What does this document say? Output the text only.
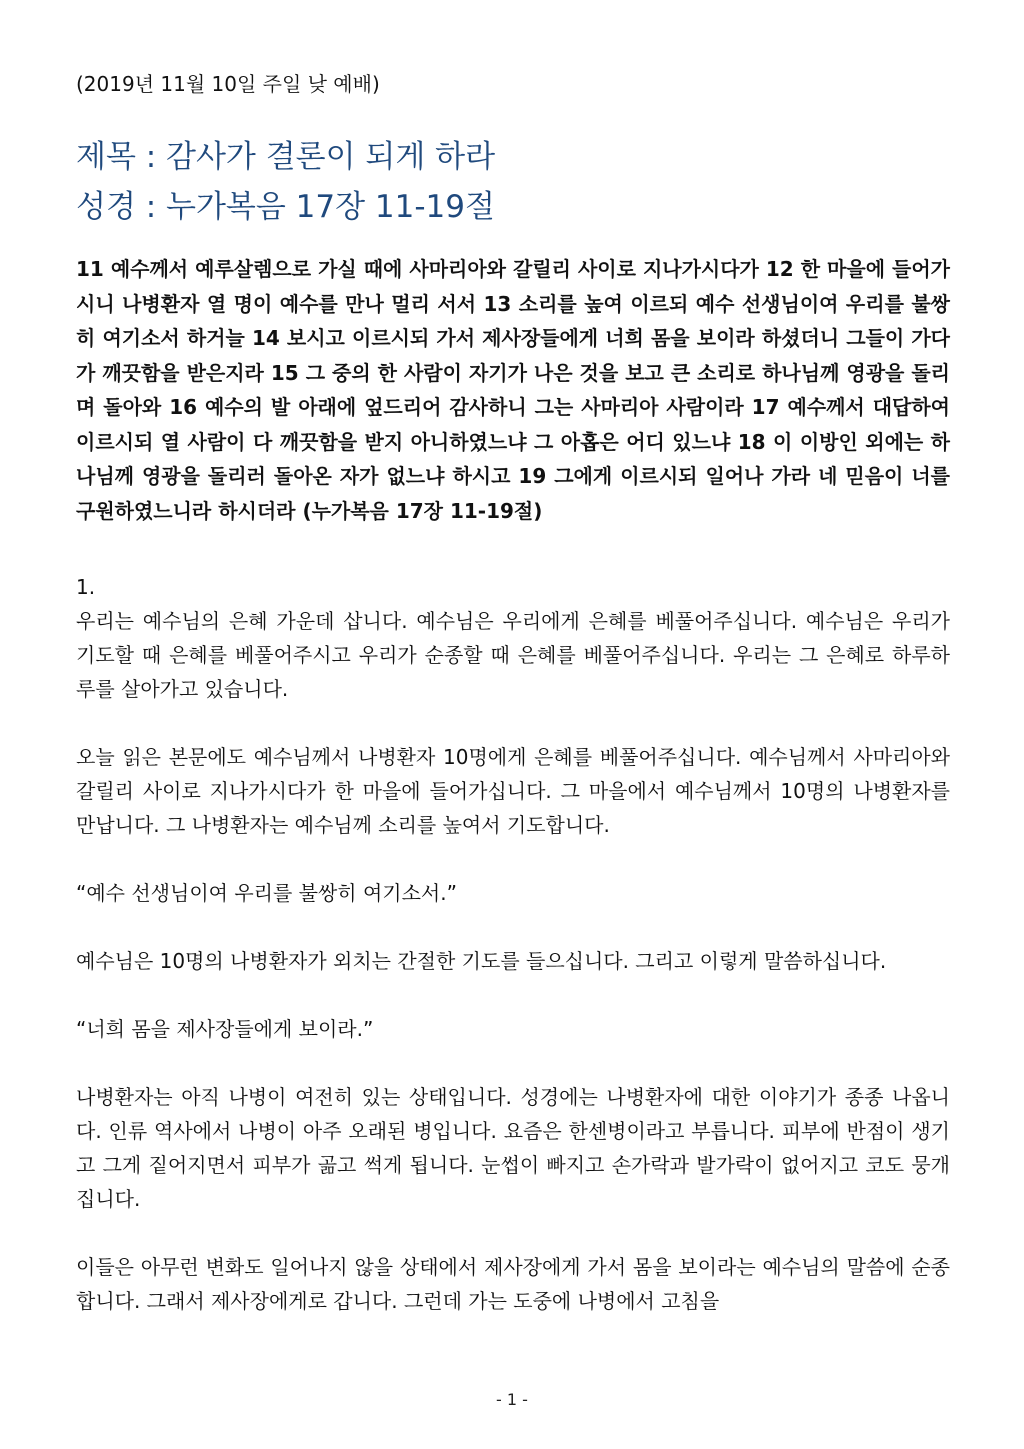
(2019년 11월 10일 주일 낮 예배)

제목 : 감사가 결론이 되게 하라

성경 : 누가복음 17장 11-19절

11 예수께서 예루살렘으로 가실 때에 사마리아와 갈릴리 사이로 지나가시다가 12 한 마을에 들어가시니 나병환자 열 명이 예수를 만나 멀리 서서 13 소리를 높여 이르되 예수 선생님이여 우리를 불쌍히 여기소서 하거늘 14 보시고 이르시되 가서 제사장들에게 너희 몸을 보이라 하셨더니 그들이 가다가 깨끗함을 받은지라 15 그 중의 한 사람이 자기가 나은 것을 보고 큰 소리로 하나님께 영광을 돌리며 돌아와 16 예수의 발 아래에 엎드리어 감사하니 그는 사마리아 사람이라 17 예수께서 대답하여 이르시되 열 사람이 다 깨끗함을 받지 아니하였느냐 그 아홉은 어디 있느냐 18 이 이방인 외에는 하나님께 영광을 돌리러 돌아온 자가 없느냐 하시고 19 그에게 이르시되 일어나 가라 네 믿음이 너를 구원하였느니라 하시더라 (누가복음 17장 11-19절)

1.

우리는 예수님의 은혜 가운데 삽니다. 예수님은 우리에게 은혜를 베풀어주십니다. 예수님은 우리가 기도할 때 은혜를 베풀어주시고 우리가 순종할 때 은혜를 베풀어주십니다. 우리는 그 은혜로 하루하루를 살아가고 있습니다.

오늘 읽은 본문에도 예수님께서 나병환자 10명에게 은혜를 베풀어주십니다. 예수님께서 사마리아와 갈릴리 사이로 지나가시다가 한 마을에 들어가십니다. 그 마을에서 예수님께서 10명의 나병환자를 만납니다. 그 나병환자는 예수님께 소리를 높여서 기도합니다.

“예수 선생님이여 우리를 불쌍히 여기소서.”

예수님은 10명의 나병환자가 외치는 간절한 기도를 들으십니다. 그리고 이렇게 말씀하십니다.

“너희 몸을 제사장들에게 보이라.”

나병환자는 아직 나병이 여전히 있는 상태입니다. 성경에는 나병환자에 대한 이야기가 종종 나옵니다. 인류 역사에서 나병이 아주 오래된 병입니다. 요즘은 한센병이라고 부릅니다. 피부에 반점이 생기고 그게 짙어지면서 피부가 곪고 썩게 됩니다. 눈썹이 빠지고 손가락과 발가락이 없어지고 코도 뭉개집니다.

이들은 아무런 변화도 일어나지 않을 상태에서 제사장에게 가서 몸을 보이라는 예수님의 말씀에 순종합니다. 그래서 제사장에게로 갑니다. 그런데 가는 도중에 나병에서 고침을

- 1 -
